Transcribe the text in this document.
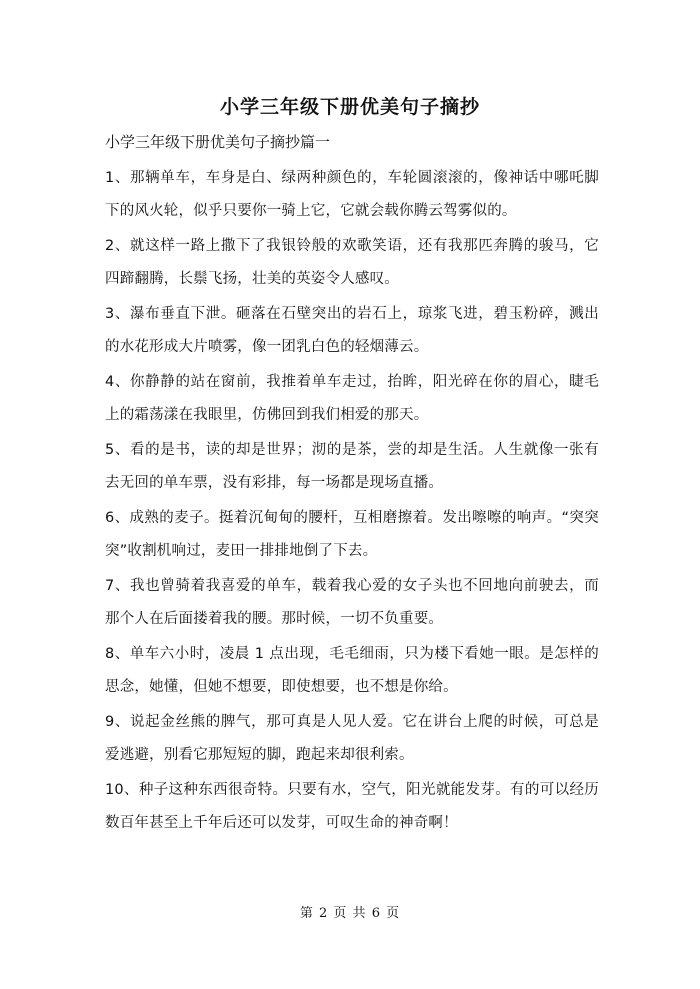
小学三年级下册优美句子摘抄
小学三年级下册优美句子摘抄篇一

1、那辆单车，车身是白、绿两种颜色的，车轮圆滚滚的，像神话中哪吒脚下的风火轮，似乎只要你一骑上它，它就会载你腾云驾雾似的。

2、就这样一路上撒下了我银铃般的欢歌笑语，还有我那匹奔腾的骏马，它四蹄翻腾，长鬃飞扬，壮美的英姿令人感叹。

3、瀑布垂直下泄。砸落在石壁突出的岩石上，琼浆飞进，碧玉粉碎，溅出的水花形成大片喷雾，像一团乳白色的轻烟薄云。

4、你静静的站在窗前，我推着单车走过，抬眸，阳光碎在你的眉心，睫毛上的霜荡漾在我眼里，仿佛回到我们相爱的那天。

5、看的是书，读的却是世界；沏的是茶，尝的却是生活。人生就像一张有去无回的单车票，没有彩排，每一场都是现场直播。

6、成熟的麦子。挺着沉甸甸的腰杆，互相磨擦着。发出嚓嚓的响声。“突突突”收割机响过，麦田一排排地倒了下去。

7、我也曾骑着我喜爱的单车，载着我心爱的女子头也不回地向前驶去，而那个人在后面搂着我的腰。那时候，一切不负重要。

8、单车六小时，凌晨 1 点出现，毛毛细雨，只为楼下看她一眼。是怎样的思念，她懂，但她不想要，即使想要，也不想是你给。

9、说起金丝熊的脾气，那可真是人见人爱。它在讲台上爬的时候，可总是爱逃避，别看它那短短的脚，跑起来却很利索。

10、种子这种东西很奇特。只要有水，空气，阳光就能发芽。有的可以经历数百年甚至上千年后还可以发芽，可叹生命的神奇啊！

第 2 页 共 6 页
